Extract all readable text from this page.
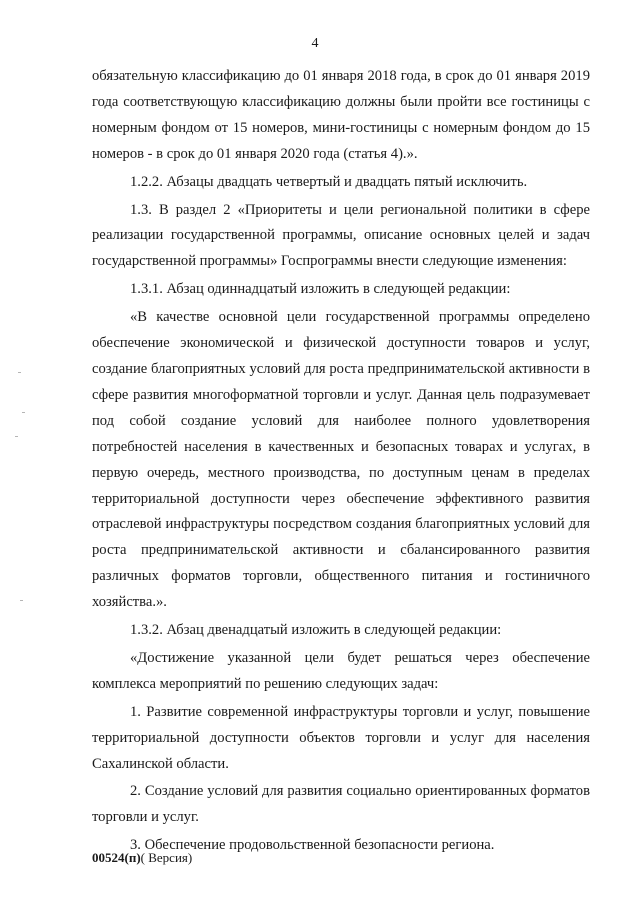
4

обязательную классификацию до 01 января 2018 года, в срок до 01 января 2019 года соответствующую классификацию должны были пройти все гостиницы с номерным фондом от 15 номеров, мини-гостиницы с номерным фондом до 15 номеров - в срок до 01 января 2020 года (статья 4).».

1.2.2. Абзацы двадцать четвертый и двадцать пятый исключить.

1.3. В раздел 2 «Приоритеты и цели региональной политики в сфере реализации государственной программы, описание основных целей и задач государственной программы» Госпрограммы внести следующие изменения:

1.3.1. Абзац одиннадцатый изложить в следующей редакции:

«В качестве основной цели государственной программы определено обеспечение экономической и физической доступности товаров и услуг, создание благоприятных условий для роста предпринимательской активности в сфере развития многоформатной торговли и услуг. Данная цель подразумевает под собой создание условий для наиболее полного удовлетворения потребностей населения в качественных и безопасных товарах и услугах, в первую очередь, местного производства, по доступным ценам в пределах территориальной доступности через обеспечение эффективного развития отраслевой инфраструктуры посредством создания благоприятных условий для роста предпринимательской активности и сбалансированного развития различных форматов торговли, общественного питания и гостиничного хозяйства.».

1.3.2. Абзац двенадцатый изложить в следующей редакции:

«Достижение указанной цели будет решаться через обеспечение комплекса мероприятий по решению следующих задач:

1. Развитие современной инфраструктуры торговли и услуг, повышение территориальной доступности объектов торговли и услуг для населения Сахалинской области.

2. Создание условий для развития социально ориентированных форматов торговли и услуг.

3. Обеспечение продовольственной безопасности региона.

00524(п)( Версия)
